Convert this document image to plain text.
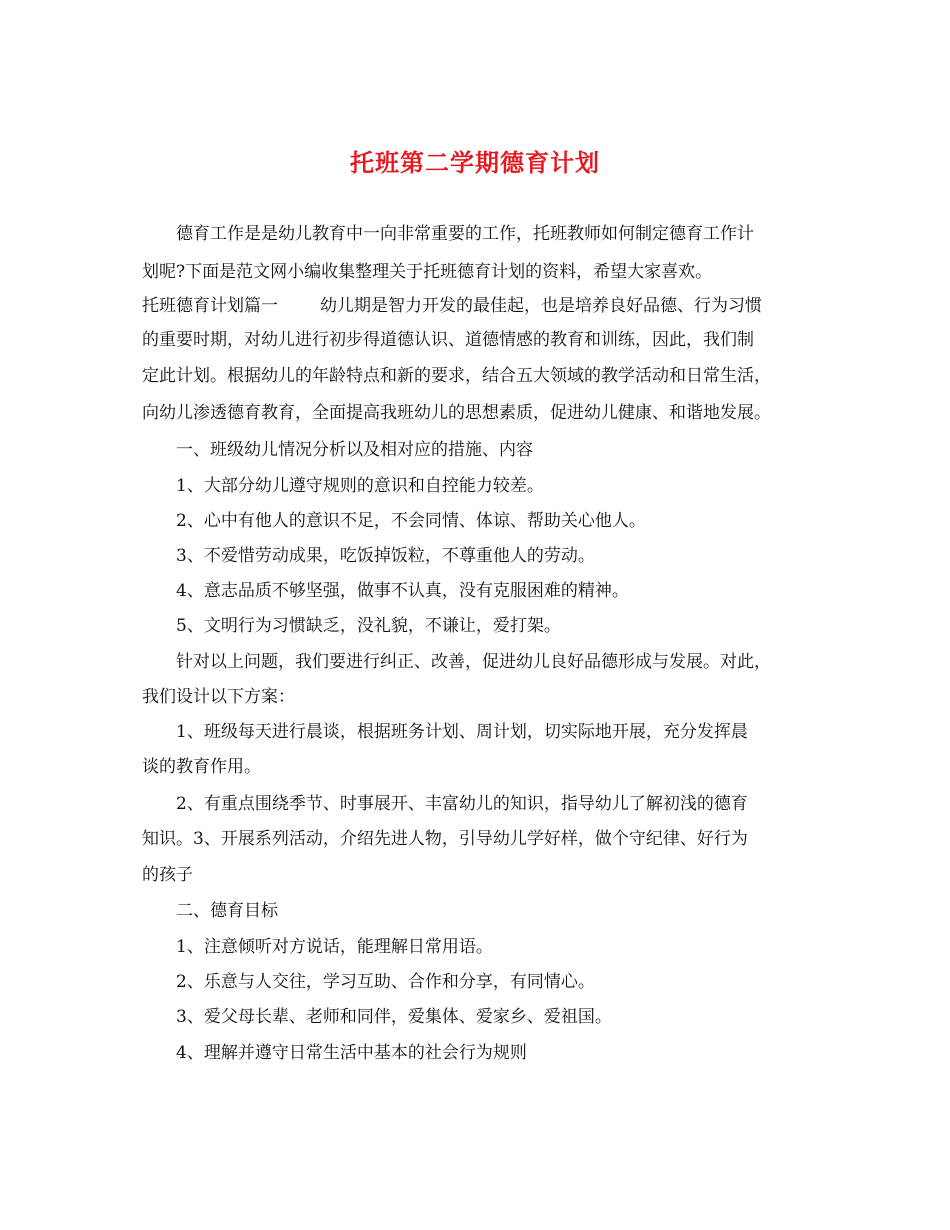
托班第二学期德育计划
德育工作是是幼儿教育中一向非常重要的工作，托班教师如何制定德育工作计
划呢?下面是范文网小编收集整理关于托班德育计划的资料，希望大家喜欢。
托班德育计划篇一 幼儿期是智力开发的最佳起，也是培养良好品德、行为习惯
的重要时期，对幼儿进行初步得道德认识、道德情感的教育和训练，因此，我们制
定此计划。根据幼儿的年龄特点和新的要求，结合五大领域的教学活动和日常生活，
向幼儿渗透德育教育，全面提高我班幼儿的思想素质，促进幼儿健康、和谐地发展。
一、班级幼儿情况分析以及相对应的措施、内容
1、大部分幼儿遵守规则的意识和自控能力较差。
2、心中有他人的意识不足，不会同情、体谅、帮助关心他人。
3、不爱惜劳动成果，吃饭掉饭粒，不尊重他人的劳动。
4、意志品质不够坚强，做事不认真，没有克服困难的精神。
5、文明行为习惯缺乏，没礼貌，不谦让，爱打架。
针对以上问题，我们要进行纠正、改善，促进幼儿良好品德形成与发展。对此，
我们设计以下方案：
1、班级每天进行晨谈，根据班务计划、周计划，切实际地开展，充分发挥晨
谈的教育作用。
2、有重点围绕季节、时事展开、丰富幼儿的知识，指导幼儿了解初浅的德育
知识。3、开展系列活动，介绍先进人物，引导幼儿学好样，做个守纪律、好行为
的孩子
二、德育目标
1、注意倾听对方说话，能理解日常用语。
2、乐意与人交往，学习互助、合作和分享，有同情心。
3、爱父母长辈、老师和同伴，爱集体、爱家乡、爱祖国。
4、理解并遵守日常生活中基本的社会行为规则
